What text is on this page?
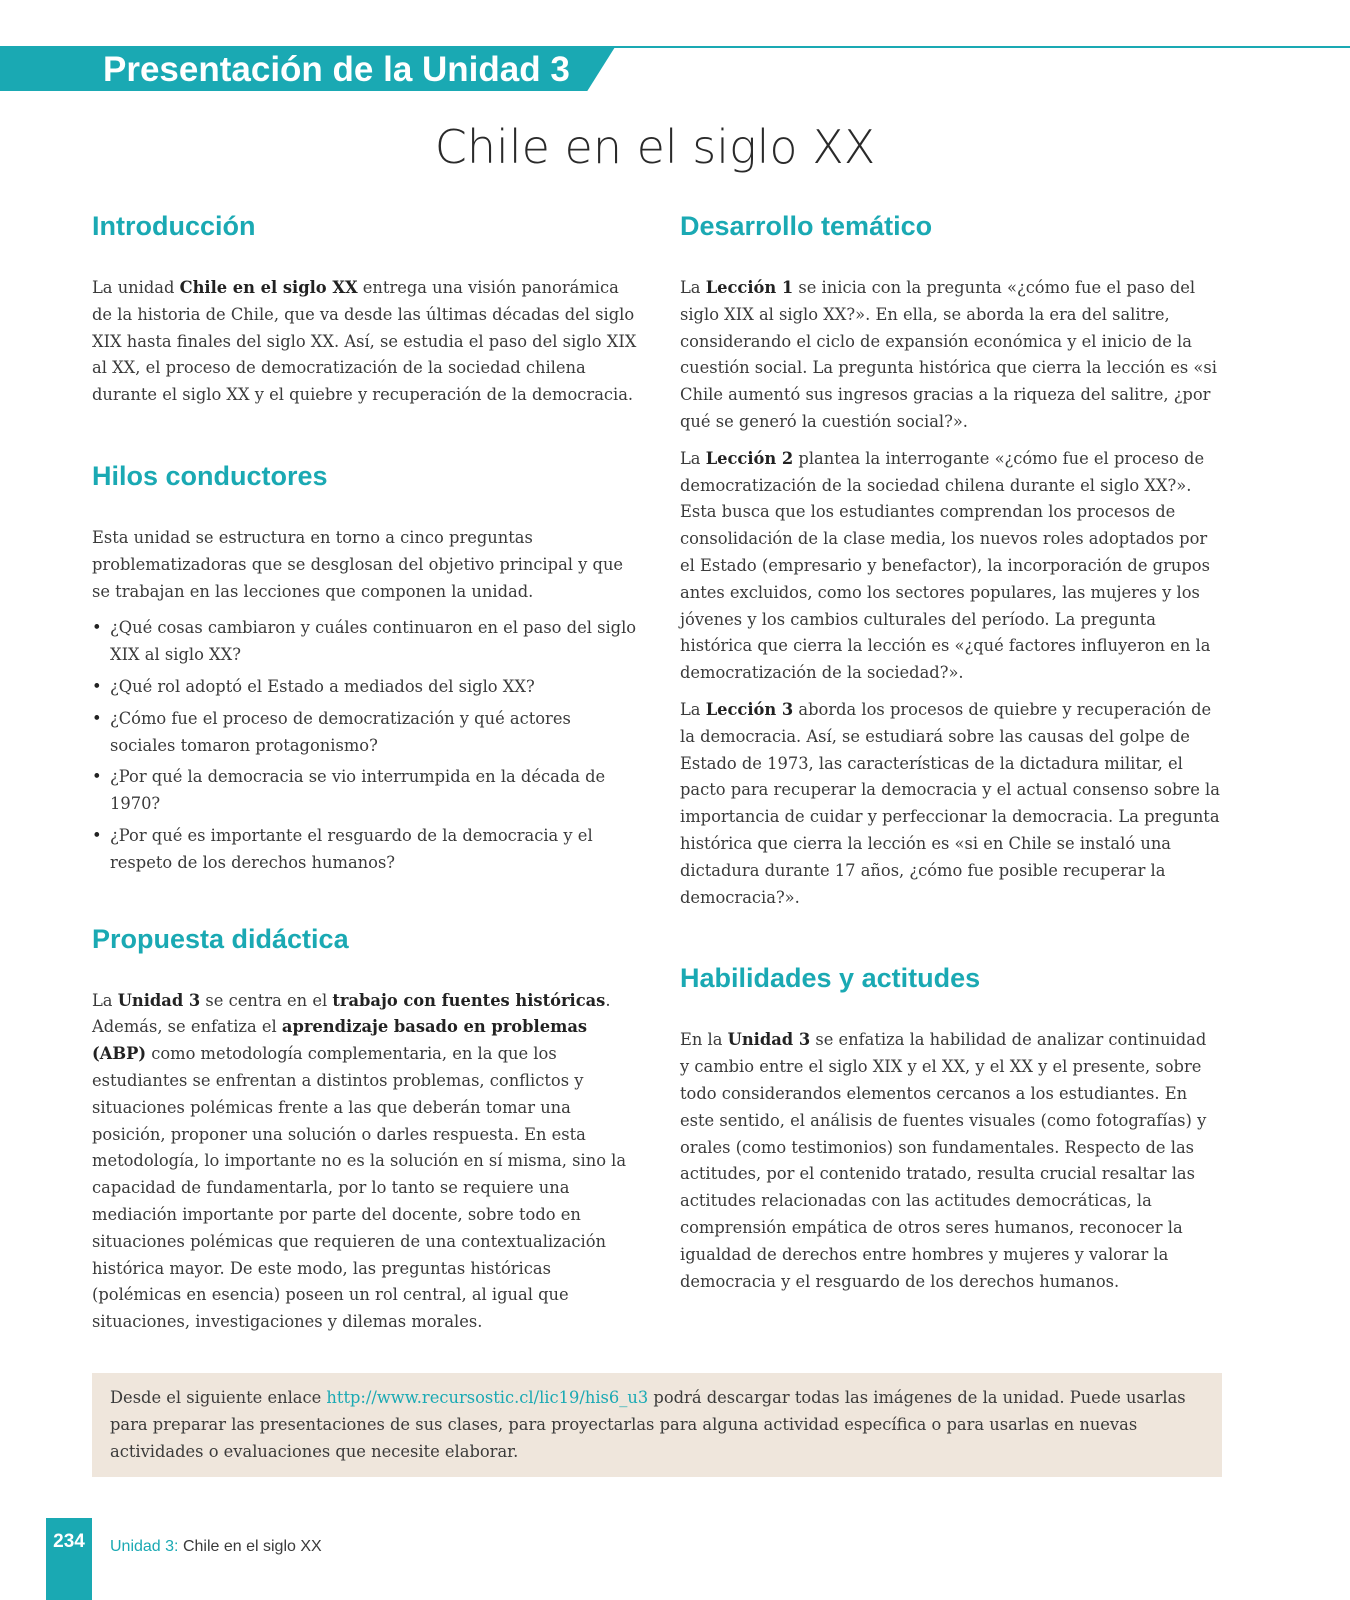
Presentación de la Unidad 3
Chile en el siglo XX
Introducción

La unidad Chile en el siglo XX entrega una visión panorámica de la historia de Chile, que va desde las últimas décadas del siglo XIX hasta finales del siglo XX. Así, se estudia el paso del siglo XIX al XX, el proceso de democratización de la sociedad chilena durante el siglo XX y el quiebre y recuperación de la democracia.

Hilos conductores

Esta unidad se estructura en torno a cinco preguntas problematizadoras que se desglosan del objetivo principal y que se trabajan en las lecciones que componen la unidad.

• ¿Qué cosas cambiaron y cuáles continuaron en el paso del siglo XIX al siglo XX?
• ¿Qué rol adoptó el Estado a mediados del siglo XX?
• ¿Cómo fue el proceso de democratización y qué actores sociales tomaron protagonismo?
• ¿Por qué la democracia se vio interrumpida en la década de 1970?
• ¿Por qué es importante el resguardo de la democracia y el respeto de los derechos humanos?
Propuesta didáctica

La Unidad 3 se centra en el trabajo con fuentes históricas. Además, se enfatiza el aprendizaje basado en problemas (ABP) como metodología complementaria, en la que los estudiantes se enfrentan a distintos problemas, conflictos y situaciones polémicas frente a las que deberán tomar una posición, proponer una solución o darles respuesta. En esta metodología, lo importante no es la solución en sí misma, sino la capacidad de fundamentarla, por lo tanto se requiere una mediación importante por parte del docente, sobre todo en situaciones polémicas que requieren de una contextualización histórica mayor. De este modo, las preguntas históricas (polémicas en esencia) poseen un rol central, al igual que situaciones, investigaciones y dilemas morales.

Desarrollo temático

La Lección 1 se inicia con la pregunta «¿cómo fue el paso del siglo XIX al siglo XX?». En ella, se aborda la era del salitre, considerando el ciclo de expansión económica y el inicio de la cuestión social. La pregunta histórica que cierra la lección es «si Chile aumentó sus ingresos gracias a la riqueza del salitre, ¿por qué se generó la cuestión social?».

La Lección 2 plantea la interrogante «¿cómo fue el proceso de democratización de la sociedad chilena durante el siglo XX?». Esta busca que los estudiantes comprendan los procesos de consolidación de la clase media, los nuevos roles adoptados por el Estado (empresario y benefactor), la incorporación de grupos antes excluidos, como los sectores populares, las mujeres y los jóvenes y los cambios culturales del período. La pregunta histórica que cierra la lección es «¿qué factores influyeron en la democratización de la sociedad?».

La Lección 3 aborda los procesos de quiebre y recuperación de la democracia. Así, se estudiará sobre las causas del golpe de Estado de 1973, las características de la dictadura militar, el pacto para recuperar la democracia y el actual consenso sobre la importancia de cuidar y perfeccionar la democracia. La pregunta histórica que cierra la lección es «si en Chile se instaló una dictadura durante 17 años, ¿cómo fue posible recuperar la democracia?».

Habilidades y actitudes

En la Unidad 3 se enfatiza la habilidad de analizar continuidad y cambio entre el siglo XIX y el XX, y el XX y el presente, sobre todo considerandos elementos cercanos a los estudiantes. En este sentido, el análisis de fuentes visuales (como fotografías) y orales (como testimonios) son fundamentales. Respecto de las actitudes, por el contenido tratado, resulta crucial resaltar las actitudes relacionadas con las actitudes democráticas, la comprensión empática de otros seres humanos, reconocer la igualdad de derechos entre hombres y mujeres y valorar la democracia y el resguardo de los derechos humanos.

Desde el siguiente enlace http://www.recursostic.cl/lic19/his6_u3 podrá descargar todas las imágenes de la unidad. Puede usarlas para preparar las presentaciones de sus clases, para proyectarlas para alguna actividad específica o para usarlas en nuevas actividades o evaluaciones que necesite elaborar.

234	Unidad 3: Chile en el siglo XX
